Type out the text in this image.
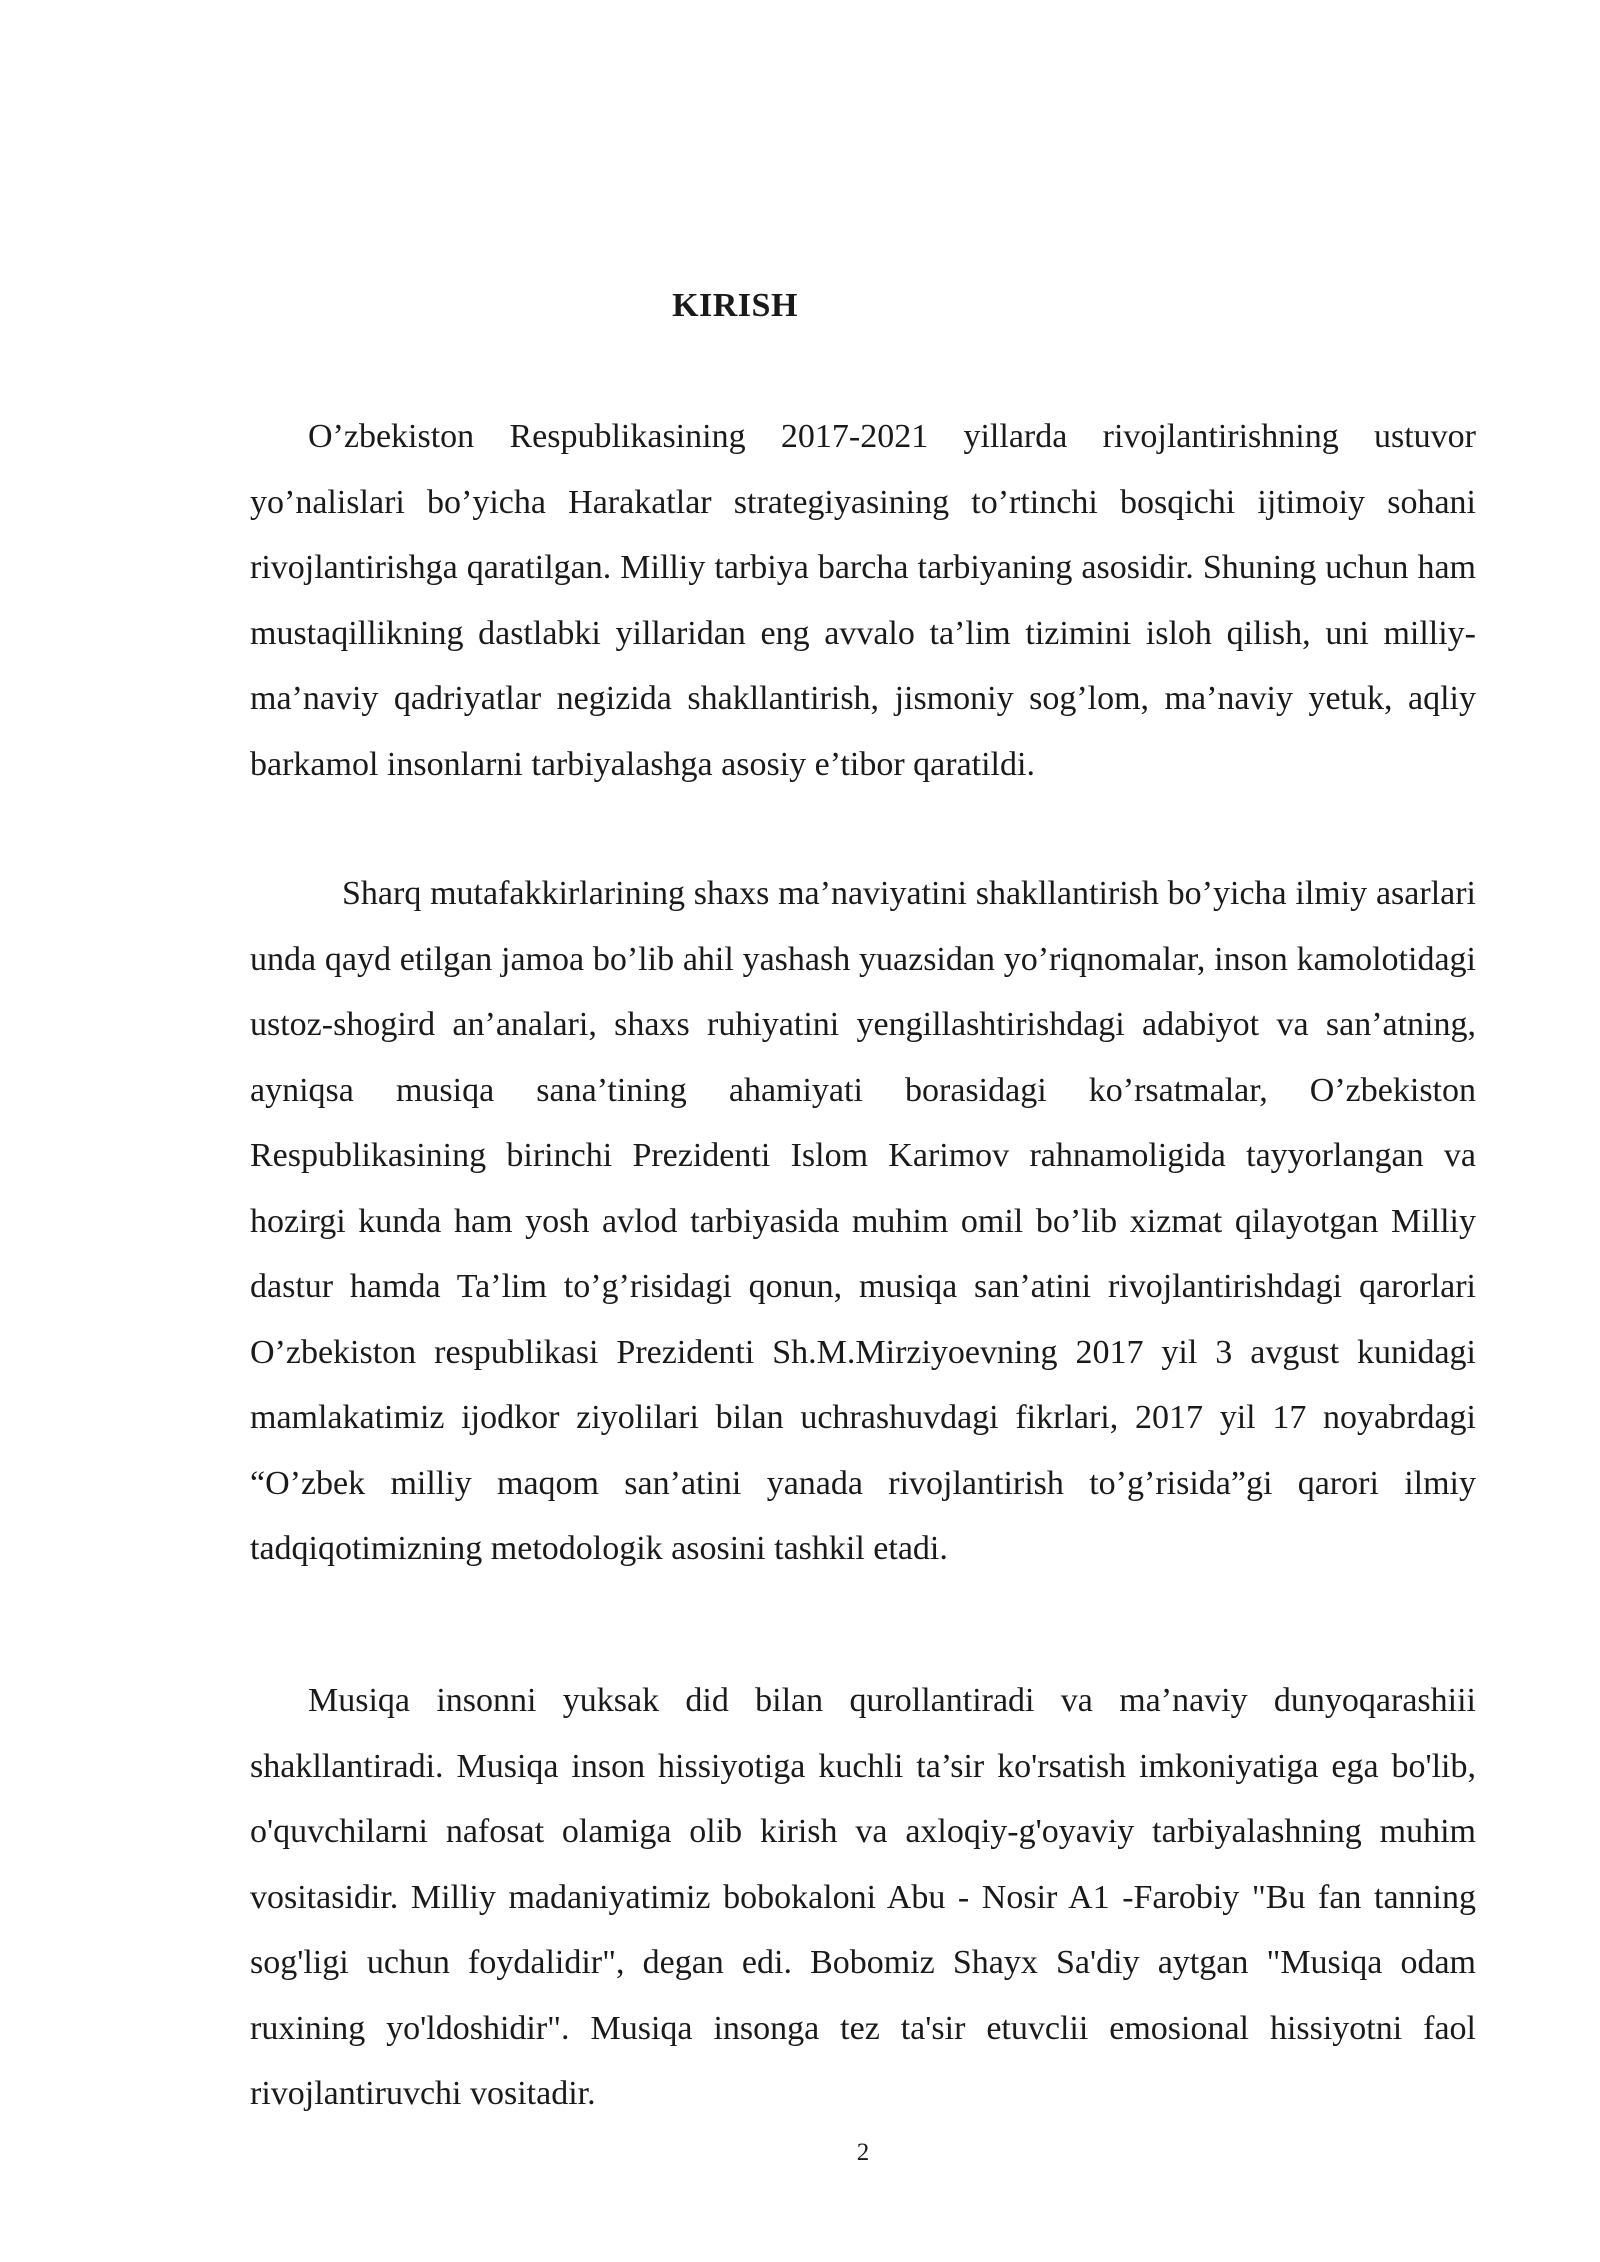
KIRISH

O’zbekiston Respublikasining 2017-2021 yillarda rivojlantirishning ustuvor yo’nalislari bo’yicha Harakatlar strategiyasining to’rtinchi bosqichi ijtimoiy sohani rivojlantirishga qaratilgan. Milliy tarbiya barcha tarbiyaning asosidir. Shuning uchun ham mustaqillikning dastlabki yillaridan eng avvalo ta’lim tizimini isloh qilish, uni milliy-ma’naviy qadriyatlar negizida shakllantirish, jismoniy sog’lom, ma’naviy yetuk, aqliy barkamol insonlarni tarbiyalashga asosiy e’tibor qaratildi.

Sharq mutafakkirlarining shaxs ma’naviyatini shakllantirish bo’yicha ilmiy asarlari unda qayd etilgan jamoa bo’lib ahil yashash yuazsidan yo’riqnomalar, inson kamolotidagi ustoz-shogird an’analari, shaxs ruhiyatini yengillashtirishdagi adabiyot va san’atning, ayniqsa musiqa sana’tining ahamiyati borasidagi ko’rsatmalar, O’zbekiston Respublikasining birinchi Prezidenti Islom Karimov rahnamoligida tayyorlangan va hozirgi kunda ham yosh avlod tarbiyasida muhim omil bo’lib xizmat qilayotgan Milliy dastur hamda Ta’lim to’g’risidagi qonun, musiqa san’atini rivojlantirishdagi qarorlari O’zbekiston respublikasi Prezidenti Sh.M.Mirziyoevning 2017 yil 3 avgust kunidagi mamlakatimiz ijodkor ziyolilari bilan uchrashuvdagi fikrlari, 2017 yil 17 noyabrdagi “O’zbek milliy maqom san’atini yanada rivojlantirish to’g’risida”gi qarori ilmiy tadqiqotimizning metodologik asosini tashkil etadi.

Musiqa insonni yuksak did bilan qurollantiradi va ma’naviy dunyoqarashiii shakllantiradi. Musiqa inson hissiyotiga kuchli ta’sir ko'rsatish imkoniyatiga ega bo'lib, o'quvchilarni nafosat olamiga olib kirish va axloqiy-g'oyaviy tarbiyalashning muhim vositasidir. Milliy madaniyatimiz bobokaloni Abu - Nosir A1 -Farobiy "Bu fan tanning sog'ligi uchun foydalidir", degan edi. Bobomiz Shayx Sa'diy aytgan "Musiqa odam ruxining yo'ldoshidir". Musiqa insonga tez ta'sir etuvclii emosional hissiyotni faol rivojlantiruvchi vositadir.

2
